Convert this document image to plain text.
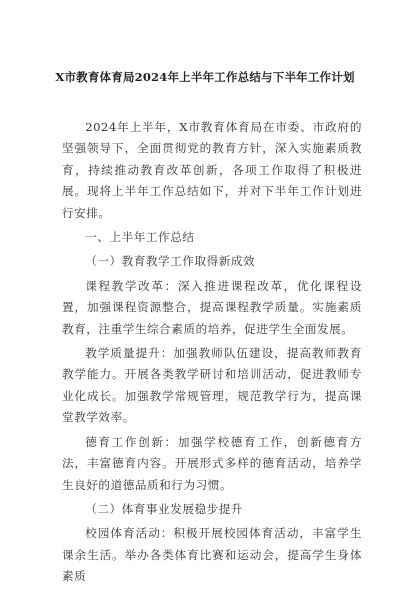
X市教育体育局2024年上半年工作总结与下半年工作计划

2024年上半年，X市教育体育局在市委、市政府的坚强领导下，全面贯彻党的教育方针，深入实施素质教育，持续推动教育改革创新，各项工作取得了积极进展。现将上半年工作总结如下，并对下半年工作计划进行安排。

一、上半年工作总结

（一）教育教学工作取得新成效

课程教学改革：深入推进课程改革，优化课程设置，加强课程资源整合，提高课程教学质量。实施素质教育，注重学生综合素质的培养，促进学生全面发展。

教学质量提升：加强教师队伍建设，提高教师教育教学能力。开展各类教学研讨和培训活动，促进教师专业化成长。加强教学常规管理，规范教学行为，提高课堂教学效率。

德育工作创新：加强学校德育工作，创新德育方法，丰富德育内容。开展形式多样的德育活动，培养学生良好的道德品质和行为习惯。

（二）体育事业发展稳步提升

校园体育活动：积极开展校园体育活动，丰富学生课余生活。举办各类体育比赛和运动会，提高学生身体素质
